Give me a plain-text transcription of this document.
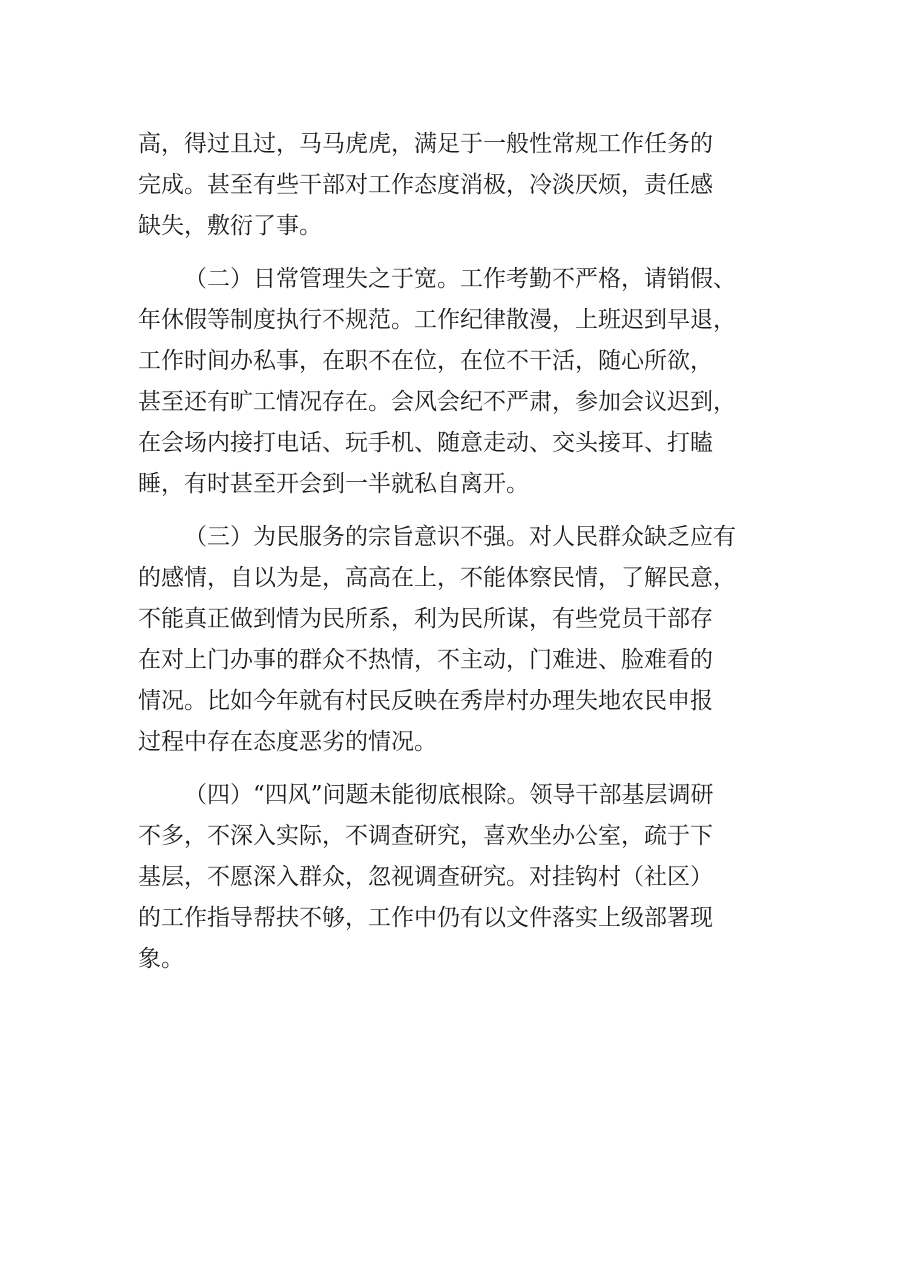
高，得过且过，马马虎虎，满足于一般性常规工作任务的
完成。甚至有些干部对工作态度消极，冷淡厌烦，责任感
缺失，敷衍了事。
（二）日常管理失之于宽。工作考勤不严格，请销假、
年休假等制度执行不规范。工作纪律散漫，上班迟到早退，
工作时间办私事，在职不在位，在位不干活，随心所欲，
甚至还有旷工情况存在。会风会纪不严肃，参加会议迟到，
在会场内接打电话、玩手机、随意走动、交头接耳、打瞌
睡，有时甚至开会到一半就私自离开。
（三）为民服务的宗旨意识不强。对人民群众缺乏应有
的感情，自以为是，高高在上，不能体察民情，了解民意，
不能真正做到情为民所系，利为民所谋，有些党员干部存
在对上门办事的群众不热情，不主动，门难进、脸难看的
情况。比如今年就有村民反映在秀岸村办理失地农民申报
过程中存在态度恶劣的情况。
（四）“四风”问题未能彻底根除。领导干部基层调研
不多，不深入实际，不调查研究，喜欢坐办公室，疏于下
基层，不愿深入群众，忽视调查研究。对挂钩村（社区）
的工作指导帮扶不够，工作中仍有以文件落实上级部署现
象。
